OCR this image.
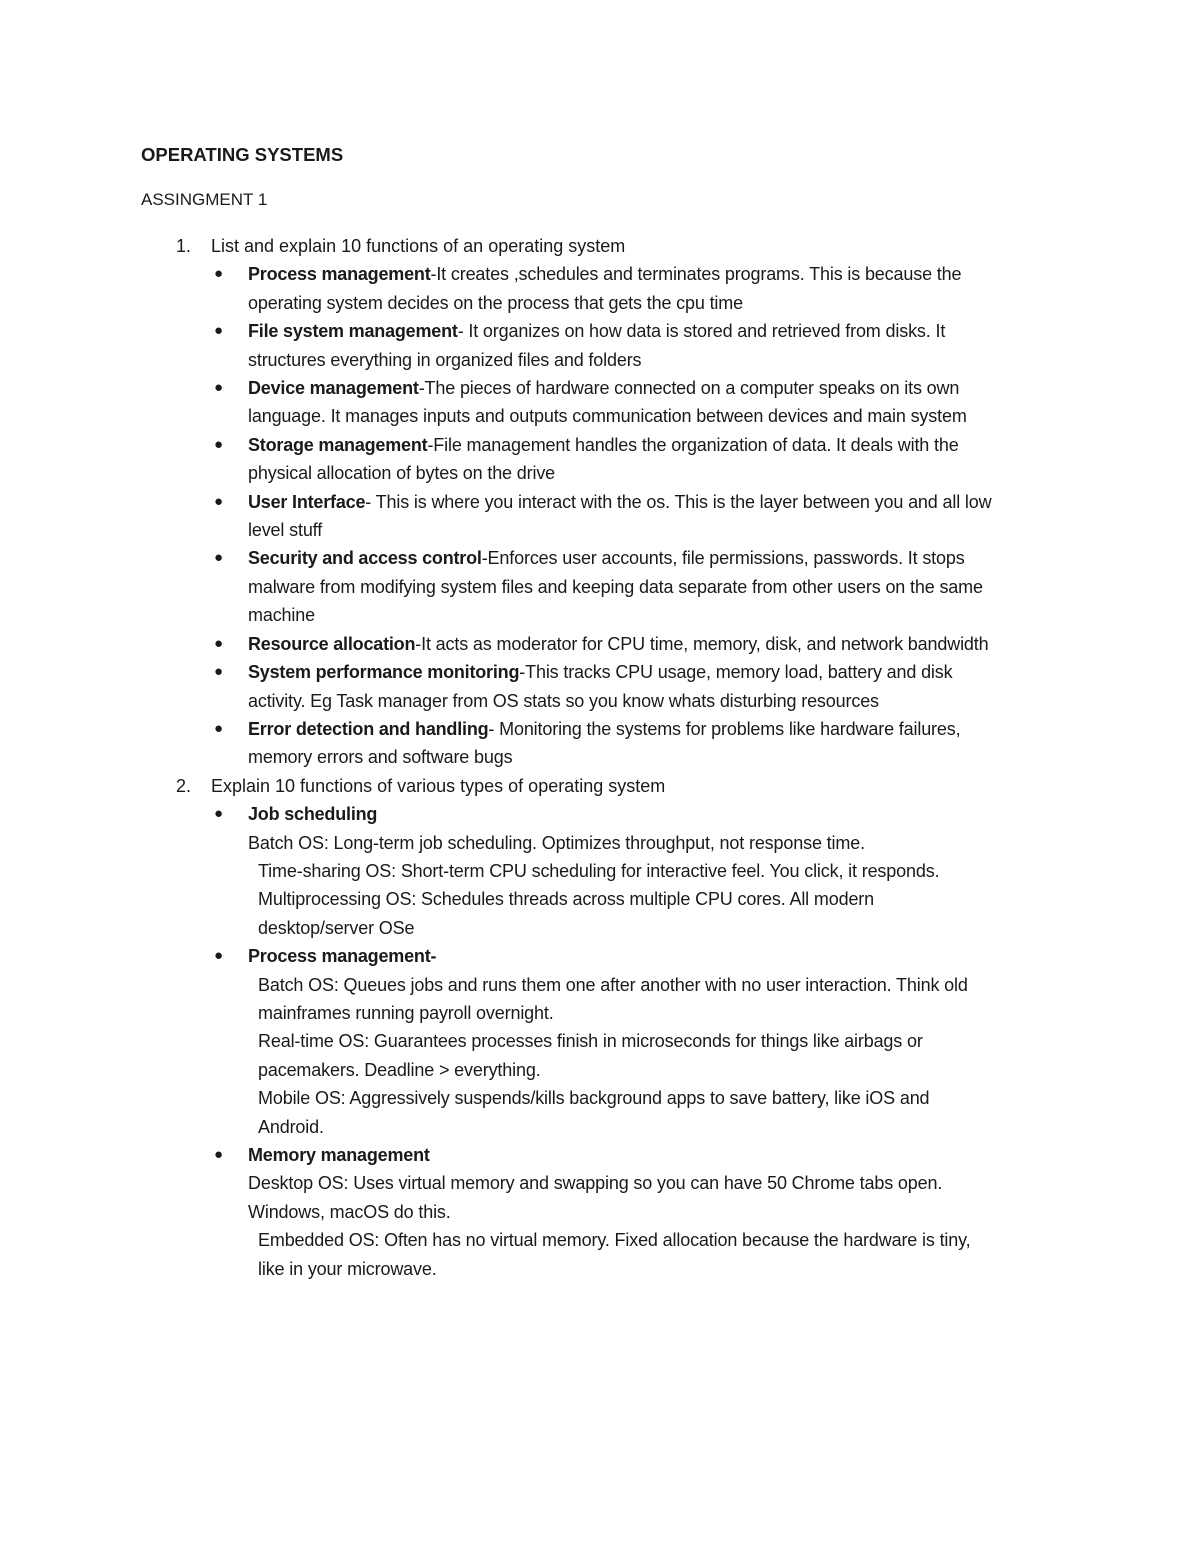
OPERATING SYSTEMS

ASSINGMENT 1

1. List and explain 10 functions of an operating system
● Process management-It creates ,schedules and terminates programs. This is because the operating system decides on the process that gets the cpu time
● File system management- It organizes on how data is stored and retrieved from disks. It structures everything in organized files and folders
● Device management-The pieces of hardware connected on a computer speaks on its own language. It manages inputs and outputs communication between devices and main system
● Storage management-File management handles the organization of data. It deals with the physical allocation of bytes on the drive
● User Interface- This is where you interact with the os. This is the layer between you and all low level stuff
● Security and access control-Enforces user accounts, file permissions, passwords. It stops malware from modifying system files and keeping data separate from other users on the same machine
● Resource allocation-It acts as moderator for CPU time, memory, disk, and network bandwidth
● System performance monitoring-This tracks CPU usage, memory load, battery and disk activity. Eg Task manager from OS stats so you know whats disturbing resources
● Error detection and handling- Monitoring the systems for problems like hardware failures, memory errors and software bugs
2. Explain 10 functions of various types of operating system
● Job scheduling
Batch OS: Long-term job scheduling. Optimizes throughput, not response time.
Time-sharing OS: Short-term CPU scheduling for interactive feel. You click, it responds.
Multiprocessing OS: Schedules threads across multiple CPU cores. All modern desktop/server OSe
● Process management-
Batch OS: Queues jobs and runs them one after another with no user interaction. Think old mainframes running payroll overnight.
Real-time OS: Guarantees processes finish in microseconds for things like airbags or pacemakers. Deadline > everything.
Mobile OS: Aggressively suspends/kills background apps to save battery, like iOS and Android.
● Memory management
Desktop OS: Uses virtual memory and swapping so you can have 50 Chrome tabs open. Windows, macOS do this.
Embedded OS: Often has no virtual memory. Fixed allocation because the hardware is tiny, like in your microwave.
